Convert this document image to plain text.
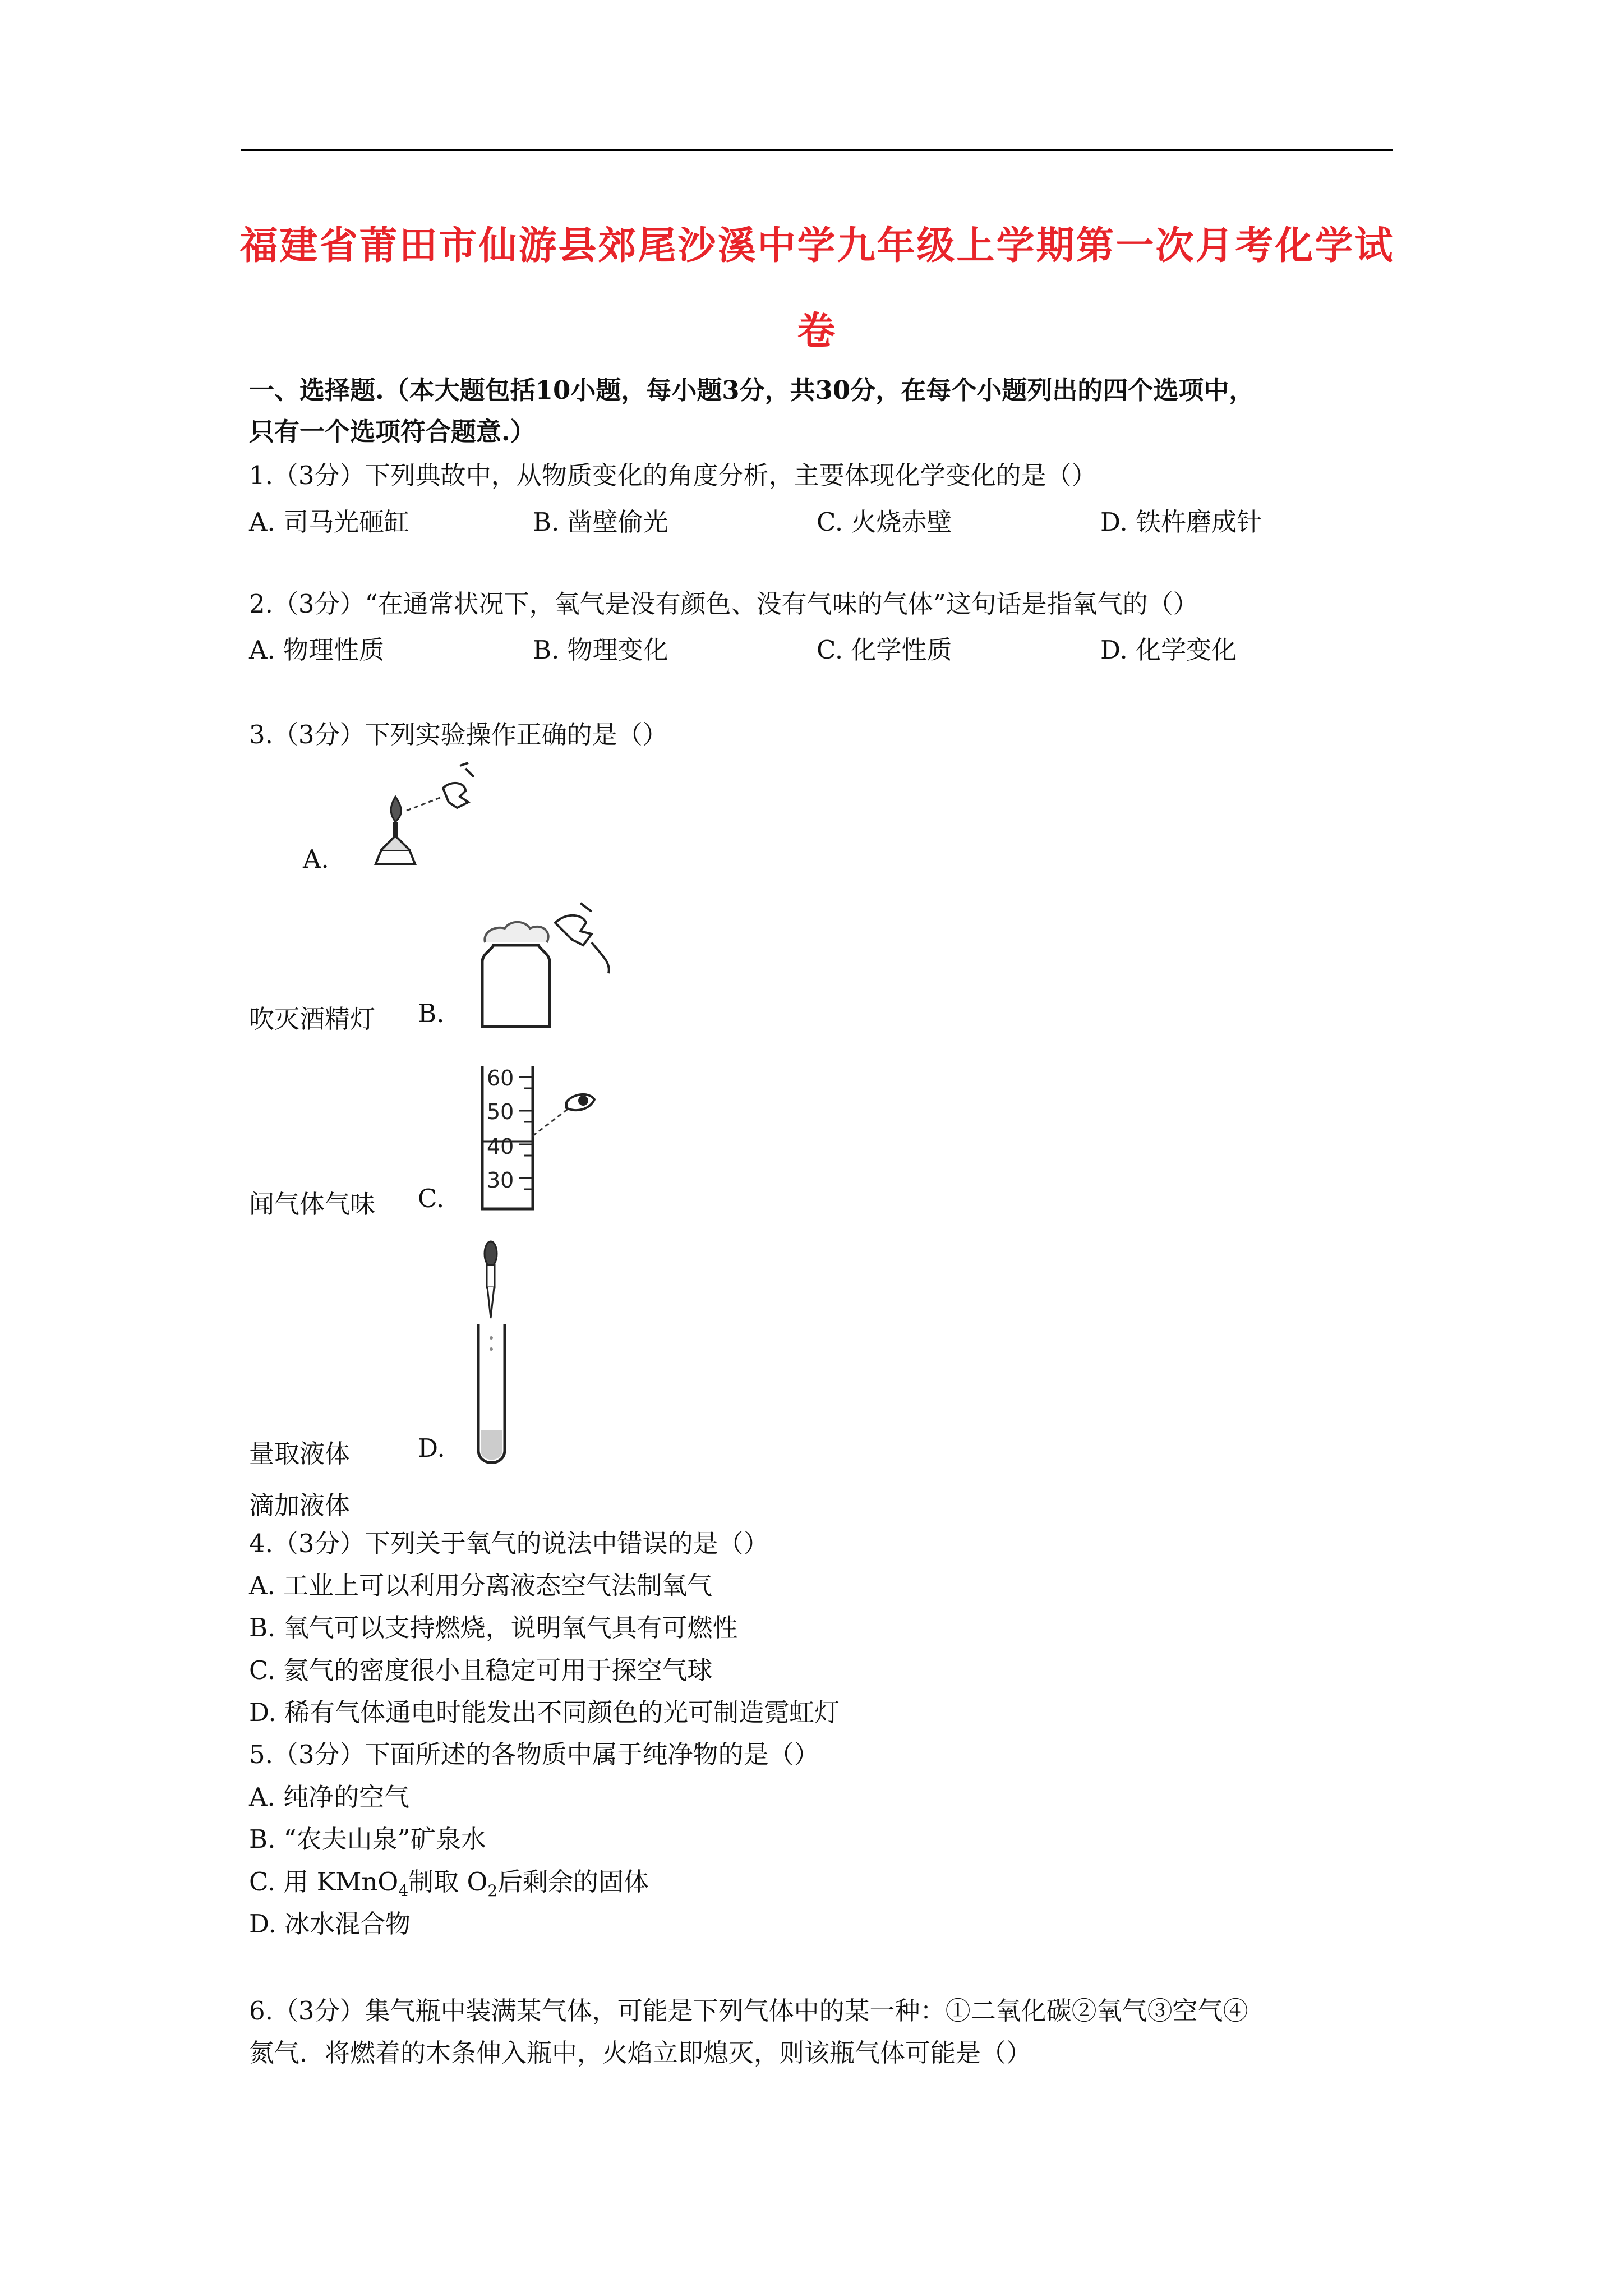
福建省莆田市仙游县郊尾沙溪中学九年级上学期第一次月考化学试
卷
一、选择题.（本大题包括10小题，每小题3分，共30分，在每个小题列出的四个选项中，
只有一个选项符合题意.）
1.（3分）下列典故中，从物质变化的角度分析，主要体现化学变化的是（）
A. 司马光砸缸	B. 凿壁偷光	C. 火烧赤壁	D. 铁杵磨成针
2.（3分）“在通常状况下，氧气是没有颜色、没有气味的气体”这句话是指氧气的（）
A. 物理性质	B. 物理变化	C. 化学性质	D. 化学变化
3.（3分）下列实验操作正确的是（）
A.
吹灭酒精灯 B.
闻气体气味 C.
60
50
40
30
量取液体	D.
滴加液体
4.（3分）下列关于氧气的说法中错误的是（）
A. 工业上可以利用分离液态空气法制氧气
B. 氧气可以支持燃烧，说明氧气具有可燃性
C. 氦气的密度很小且稳定可用于探空气球
D. 稀有气体通电时能发出不同颜色的光可制造霓虹灯
5.（3分）下面所述的各物质中属于纯净物的是（）
A. 纯净的空气
B. “农夫山泉”矿泉水
C. 用 KMnO$_4$制取 $O_2$后剩余的固体
D. 冰水混合物
6.（3分）集气瓶中装满某气体，可能是下列气体中的某一种：①二氧化碳②氧气③空气④
氮气．将燃着的木条伸入瓶中，火焰立即熄灭，则该瓶气体可能是（）
